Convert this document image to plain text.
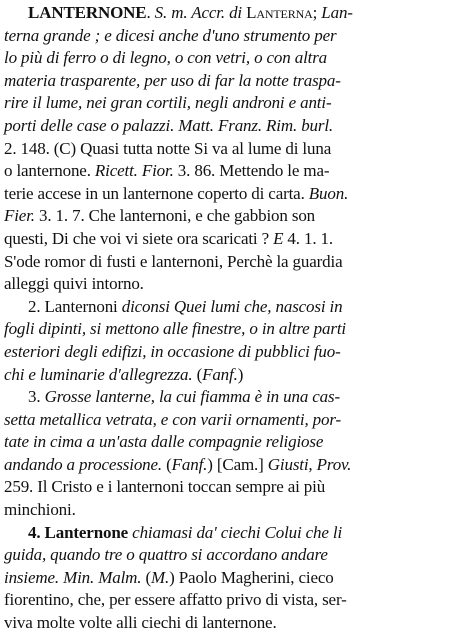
LANTERNONE. S. m. Accr. di Lanterna; Lan-
terna grande ; e dicesi anche d'uno strumento per
lo più di ferro o di legno, o con vetri, o con altra
materia trasparente, per uso di far la notte traspa-
rire il lume, nei gran cortili, negli androni e anti-
porti delle case o palazzi. Matt. Franz. Rim. burl.
2. 148. (C) Quasi tutta notte Si va al lume di luna
o lanternone. Ricett. Fior. 3. 86. Mettendo le ma-
terie accese in un lanternone coperto di carta. Buon.
Fier. 3. 1. 7. Che lanternoni, e che gabbion son
questi, Di che voi vi siete ora scaricati ? E 4. 1. 1.
S'ode romor di fusti e lanternoni, Perchè la guardia
alleggi quivi intorno.
2. Lanternoni diconsi Quei lumi che, nascosi in
fogli dipinti, si mettono alle finestre, o in altre parti
esteriori degli edifizi, in occasione di pubblici fuo-
chi e luminarie d'allegrezza. (Fanf.)
3. Grosse lanterne, la cui fiamma è in una cas-
setta metallica vetrata, e con varii ornamenti, por-
tate in cima a un'asta dalle compagnie religiose
andando a processione. (Fanf.) [Cam.] Giusti, Prov.
259. Il Cristo e i lanternoni toccan sempre ai più
minchioni.
4. Lanternone chiamasi da' ciechi Colui che li
guida, quando tre o quattro si accordano andare
insieme. Min. Malm. (M.) Paolo Magherini, cieco
fiorentino, che, per essere affatto privo di vista, ser-
viva molte volte alli ciechi di lanternone.
